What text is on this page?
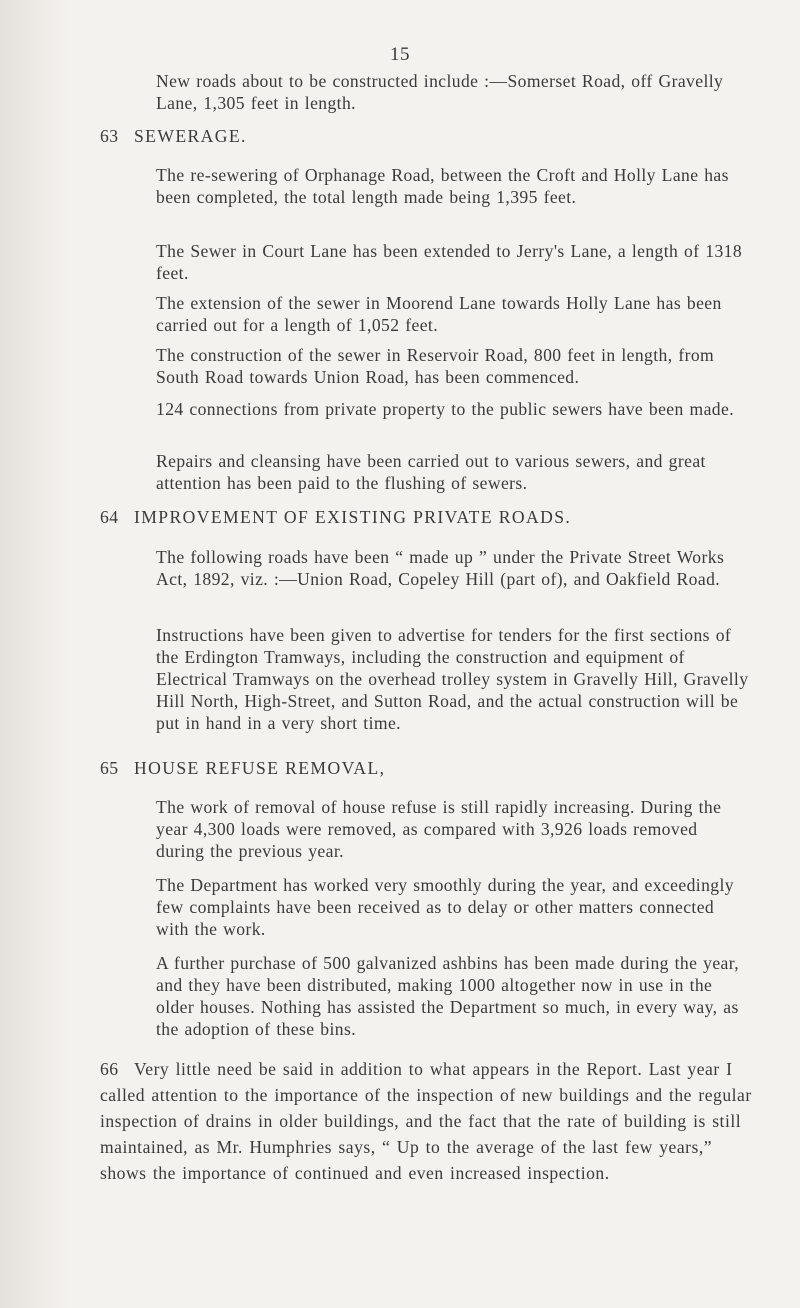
15

New roads about to be constructed include :—Somerset Road, off Gravelly Lane, 1,305 feet in length.

63 SEWERAGE.

The re-sewering of Orphanage Road, between the Croft and Holly Lane has been completed, the total length made being 1,395 feet.

The Sewer in Court Lane has been extended to Jerry's Lane, a length of 1318 feet.

The extension of the sewer in Moorend Lane towards Holly Lane has been carried out for a length of 1,052 feet.

The construction of the sewer in Reservoir Road, 800 feet in length, from South Road towards Union Road, has been commenced.

124 connections from private property to the public sewers have been made.

Repairs and cleansing have been carried out to various sewers, and great attention has been paid to the flushing of sewers.

64 IMPROVEMENT OF EXISTING PRIVATE ROADS.

The following roads have been “ made up ” under the Private Street Works Act, 1892, viz. :—Union Road, Copeley Hill (part of), and Oakfield Road.

Instructions have been given to advertise for tenders for the first sections of the Erdington Tramways, including the construction and equipment of Electrical Tramways on the overhead trolley system in Gravelly Hill, Gravelly Hill North, High-Street, and Sutton Road, and the actual construction will be put in hand in a very short time.

65 HOUSE REFUSE REMOVAL,

The work of removal of house refuse is still rapidly increasing. During the year 4,300 loads were removed, as compared with 3,926 loads removed during the previous year.

The Department has worked very smoothly during the year, and exceedingly few complaints have been received as to delay or other matters connected with the work.

A further purchase of 500 galvanized ashbins has been made during the year, and they have been distributed, making 1000 altogether now in use in the older houses. Nothing has assisted the Department so much, in every way, as the adoption of these bins.

66 Very little need be said in addition to what appears in the Report. Last year I called attention to the importance of the inspection of new buildings and the regular inspection of drains in older buildings, and the fact that the rate of building is still maintained, as Mr. Humphries says, “ Up to the average of the last few years,” shows the importance of continued and even increased inspection.
